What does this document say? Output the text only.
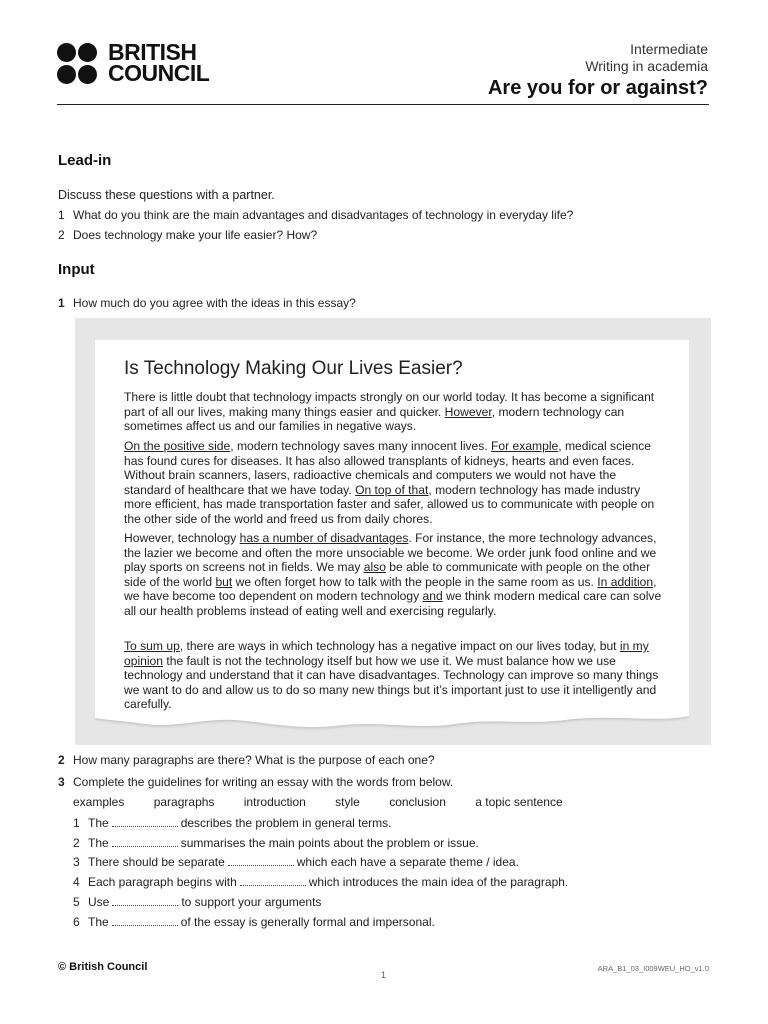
BRITISH
COUNCIL
Intermediate
Writing in academia
Are you for or against?
Lead-in
Discuss these questions with a partner.
1 What do you think are the main advantages and disadvantages of technology in everyday life?
2 Does technology make your life easier? How?
Input
1 How much do you agree with the ideas in this essay?
Is Technology Making Our Lives Easier?
There is little doubt that technology impacts strongly on our world today. It has become a significant part of all our lives, making many things easier and quicker. However, modern technology can sometimes affect us and our families in negative ways.
On the positive side, modern technology saves many innocent lives. For example, medical science has found cures for diseases. It has also allowed transplants of kidneys, hearts and even faces. Without brain scanners, lasers, radioactive chemicals and computers we would not have the standard of healthcare that we have today. On top of that, modern technology has made industry more efficient, has made transportation faster and safer, allowed us to communicate with people on the other side of the world and freed us from daily chores.
However, technology has a number of disadvantages. For instance, the more technology advances, the lazier we become and often the more unsociable we become. We order junk food online and we play sports on screens not in fields. We may also be able to communicate with people on the other side of the world but we often forget how to talk with the people in the same room as us. In addition, we have become too dependent on modern technology and we think modern medical care can solve all our health problems instead of eating well and exercising regularly.
To sum up, there are ways in which technology has a negative impact on our lives today, but in my opinion the fault is not the technology itself but how we use it. We must balance how we use technology and understand that it can have disadvantages. Technology can improve so many things we want to do and allow us to do so many new things but it’s important just to use it intelligently and carefully.
2 How many paragraphs are there? What is the purpose of each one?
3 Complete the guidelines for writing an essay with the words from below.
examples paragraphs introduction style conclusion a topic sentence
1 The	describes the problem in general terms.
2 The	summarises the main points about the problem or issue.
3 There should be separate	which each have a separate theme / idea.
4 Each paragraph begins with	which introduces the main idea of the paragraph.
5 Use	to support your arguments
6 The	of the essay is generally formal and impersonal.
© British Council
1
ARA_B1_03_I009WEU_HO_v1.0
